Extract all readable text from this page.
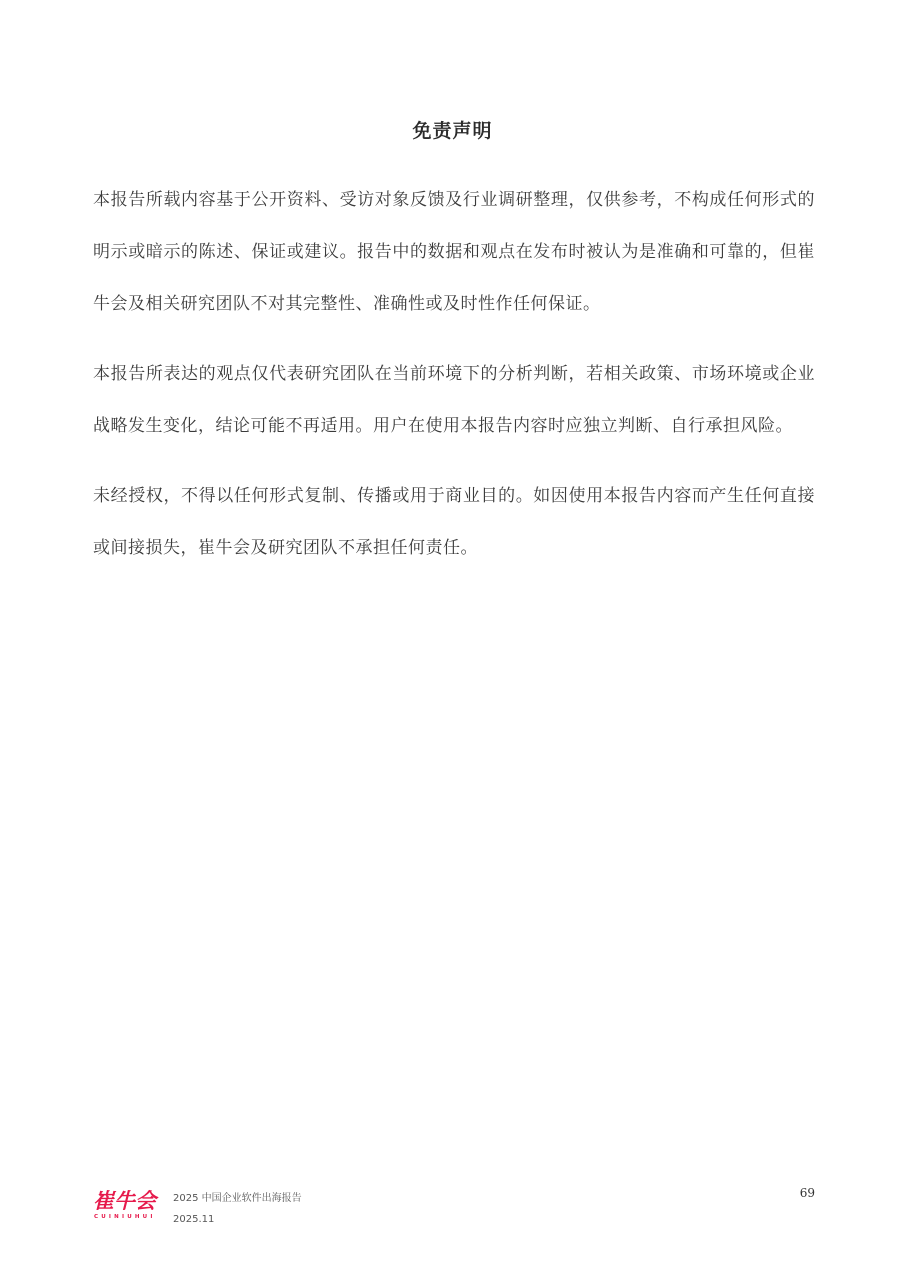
免责声明

本报告所载内容基于公开资料、受访对象反馈及行业调研整理，仅供参考，不构成任何形式的明示或暗示的陈述、保证或建议。报告中的数据和观点在发布时被认为是准确和可靠的，但崔牛会及相关研究团队不对其完整性、准确性或及时性作任何保证。

本报告所表达的观点仅代表研究团队在当前环境下的分析判断，若相关政策、市场环境或企业战略发生变化，结论可能不再适用。用户在使用本报告内容时应独立判断、自行承担风险。

未经授权，不得以任何形式复制、传播或用于商业目的。如因使用本报告内容而产生任何直接或间接损失，崔牛会及研究团队不承担任何责任。

崔牛会
CUINIUHUI
2025 中国企业软件出海报告
2025.11
69
